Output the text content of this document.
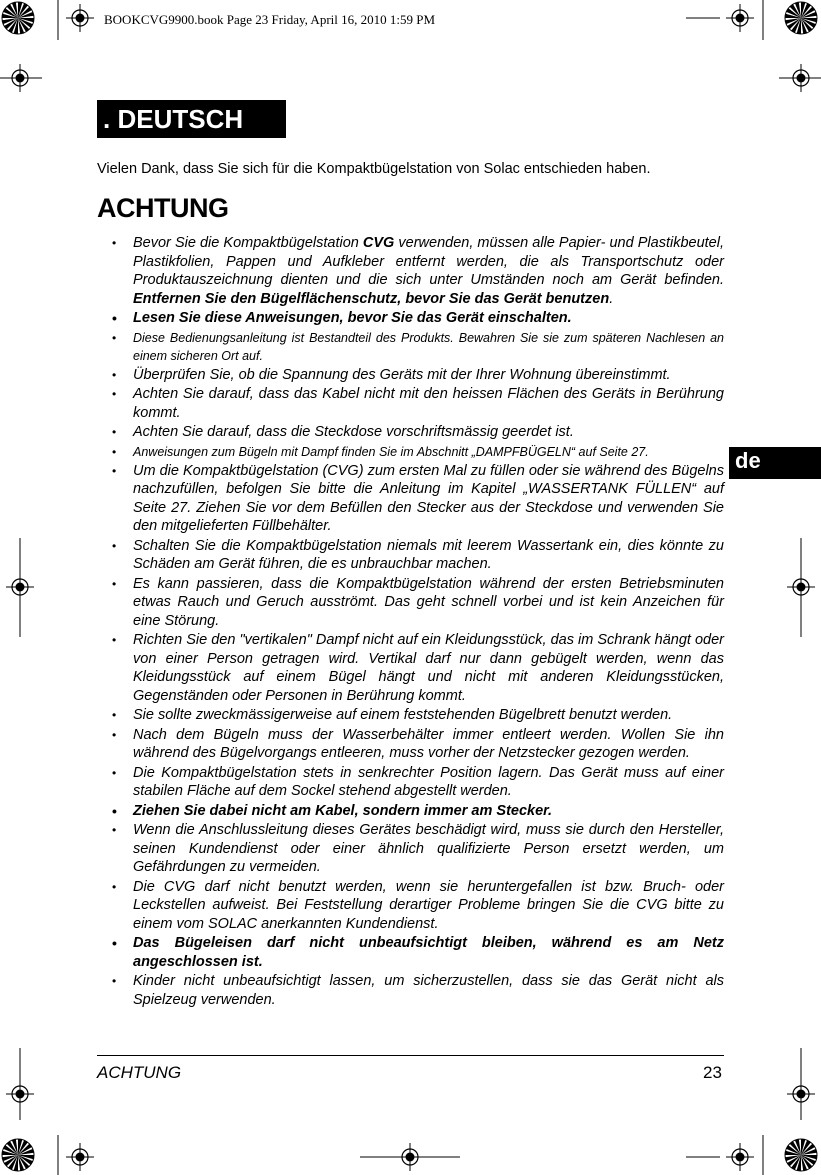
BOOKCVG9900.book Page 23 Friday, April 16, 2010 1:59 PM
. DEUTSCH
Vielen Dank, dass Sie sich für die Kompaktbügelstation von Solac entschieden haben.
ACHTUNG
de
• Bevor Sie die Kompaktbügelstation CVG verwenden, müssen alle Papier- und Plastikbeutel, Plastikfolien, Pappen und Aufkleber entfernt werden, die als Transportschutz oder Produktauszeichnung dienten und die sich unter Umständen noch am Gerät befinden. Entfernen Sie den Bügelflächenschutz, bevor Sie das Gerät benutzen.
• Lesen Sie diese Anweisungen, bevor Sie das Gerät einschalten.
• Diese Bedienungsanleitung ist Bestandteil des Produkts. Bewahren Sie sie zum späteren Nachlesen an einem sicheren Ort auf.
• Überprüfen Sie, ob die Spannung des Geräts mit der Ihrer Wohnung übereinstimmt.
• Achten Sie darauf, dass das Kabel nicht mit den heissen Flächen des Geräts in Berührung kommt.
• Achten Sie darauf, dass die Steckdose vorschriftsmässig geerdet ist.
• Anweisungen zum Bügeln mit Dampf finden Sie im Abschnitt „DAMPFBÜGELN“ auf Seite 27.
• Um die Kompaktbügelstation (CVG) zum ersten Mal zu füllen oder sie während des Bügelns nachzufüllen, befolgen Sie bitte die Anleitung im Kapitel „WASSERTANK FÜLLEN“ auf Seite 27. Ziehen Sie vor dem Befüllen den Stecker aus der Steckdose und verwenden Sie den mitgelieferten Füllbehälter.
• Schalten Sie die Kompaktbügelstation niemals mit leerem Wassertank ein, dies könnte zu Schäden am Gerät führen, die es unbrauchbar machen.
• Es kann passieren, dass die Kompaktbügelstation während der ersten Betriebsminuten etwas Rauch und Geruch ausströmt. Das geht schnell vorbei und ist kein Anzeichen für eine Störung.
• Richten Sie den "vertikalen" Dampf nicht auf ein Kleidungsstück, das im Schrank hängt oder von einer Person getragen wird. Vertikal darf nur dann gebügelt werden, wenn das Kleidungsstück auf einem Bügel hängt und nicht mit anderen Kleidungsstücken, Gegenständen oder Personen in Berührung kommt.
• Sie sollte zweckmässigerweise auf einem feststehenden Bügelbrett benutzt werden.
• Nach dem Bügeln muss der Wasserbehälter immer entleert werden. Wollen Sie ihn während des Bügelvorgangs entleeren, muss vorher der Netzstecker gezogen werden.
• Die Kompaktbügelstation stets in senkrechter Position lagern. Das Gerät muss auf einer stabilen Fläche auf dem Sockel stehend abgestellt werden.
• Ziehen Sie dabei nicht am Kabel, sondern immer am Stecker.
• Wenn die Anschlussleitung dieses Gerätes beschädigt wird, muss sie durch den Hersteller, seinen Kundendienst oder einer ähnlich qualifizierte Person ersetzt werden, um Gefährdungen zu vermeiden.
• Die CVG darf nicht benutzt werden, wenn sie heruntergefallen ist bzw. Bruch- oder Leckstellen aufweist. Bei Feststellung derartiger Probleme bringen Sie die CVG bitte zu einem vom SOLAC anerkannten Kundendienst.
• Das Bügeleisen darf nicht unbeaufsichtigt bleiben, während es am Netz angeschlossen ist.
• Kinder nicht unbeaufsichtigt lassen, um sicherzustellen, dass sie das Gerät nicht als Spielzeug verwenden.
ACHTUNG	23
